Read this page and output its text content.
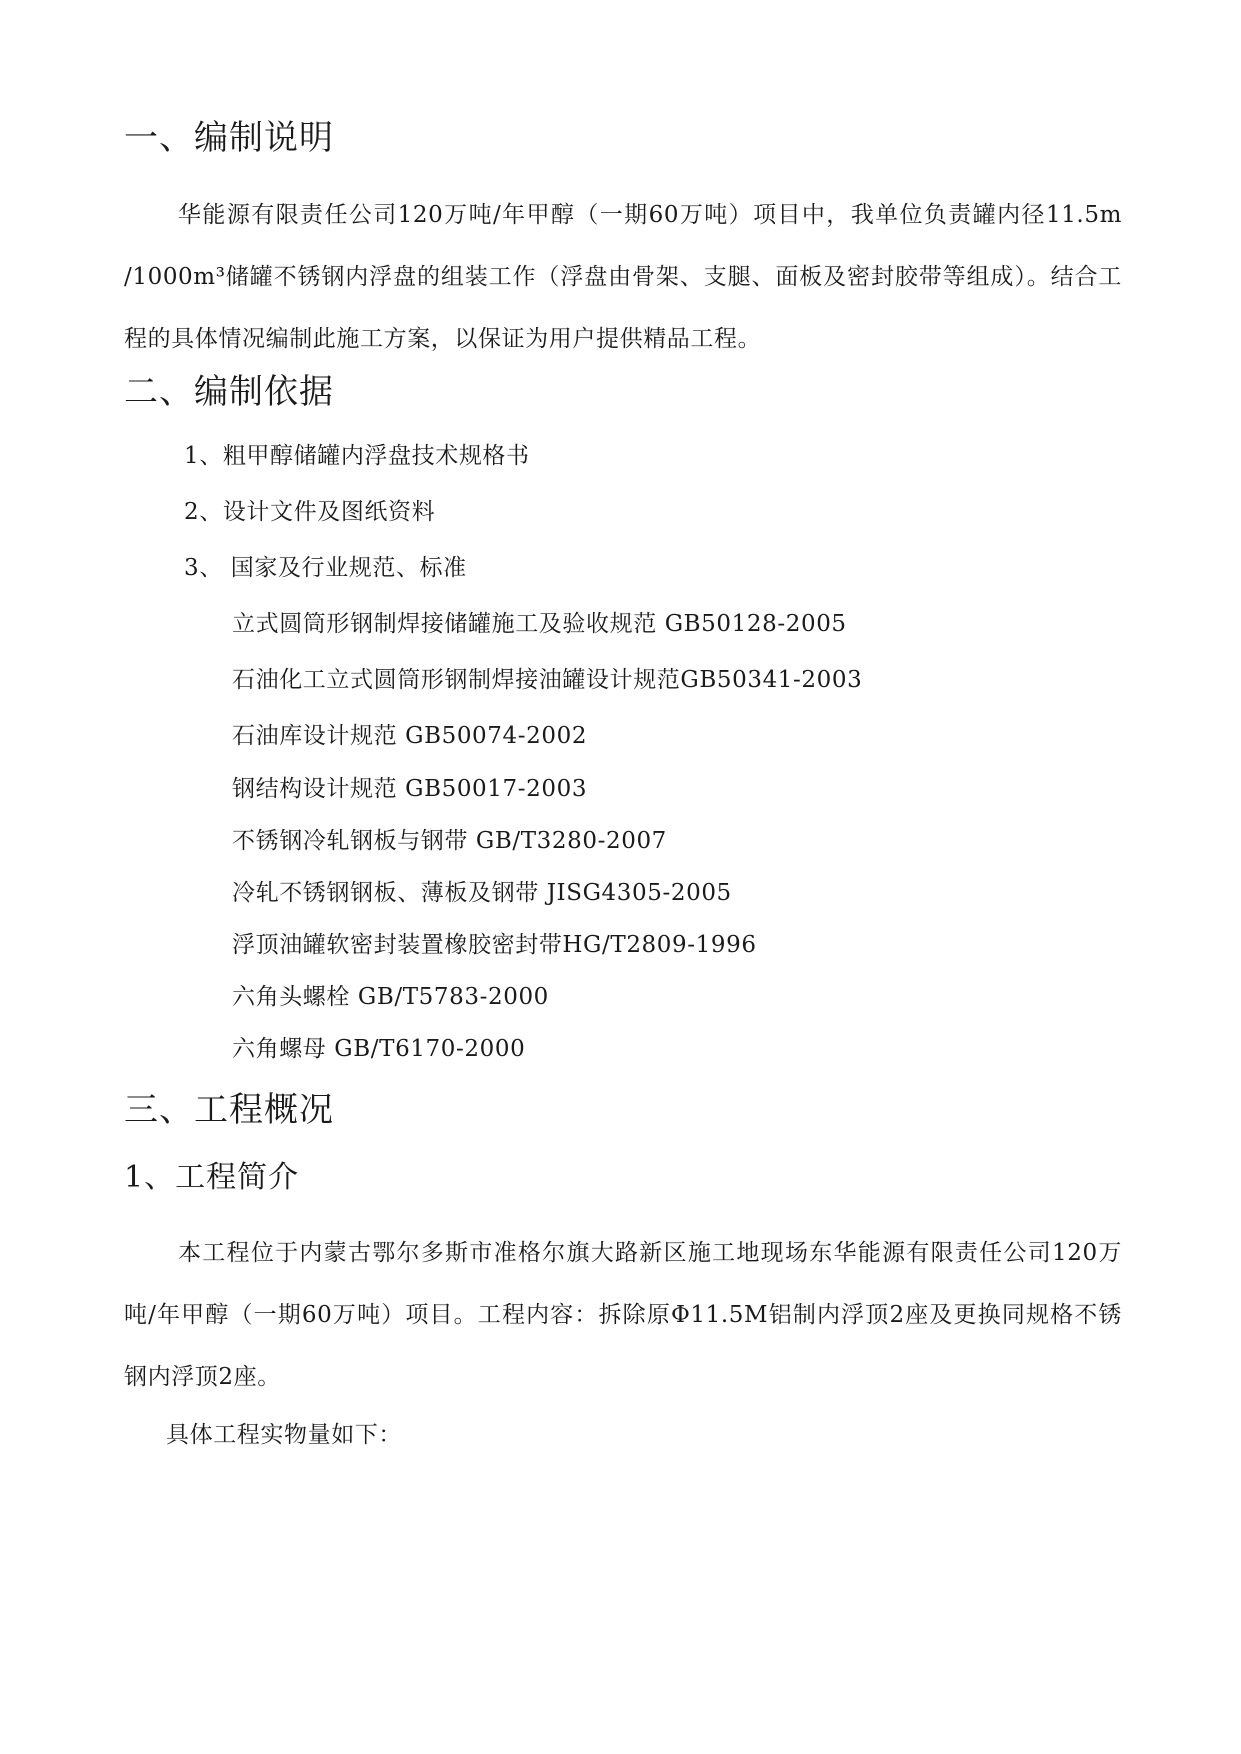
一、编制说明
华能源有限责任公司120万吨/年甲醇（一期60万吨）项目中，我单位负责罐内径11.5m /1000m³储罐不锈钢内浮盘的组装工作（浮盘由骨架、支腿、面板及密封胶带等组成）。结合工程的具体情况编制此施工方案，以保证为用户提供精品工程。
二、编制依据
1、粗甲醇储罐内浮盘技术规格书
2、设计文件及图纸资料
3、 国家及行业规范、标准
立式圆筒形钢制焊接储罐施工及验收规范 GB50128-2005
石油化工立式圆筒形钢制焊接油罐设计规范GB50341-2003
石油库设计规范 GB50074-2002
钢结构设计规范 GB50017-2003
不锈钢冷轧钢板与钢带 GB/T3280-2007
冷轧不锈钢钢板、薄板及钢带 JISG4305-2005
浮顶油罐软密封装置橡胶密封带HG/T2809-1996
六角头螺栓 GB/T5783-2000
六角螺母 GB/T6170-2000
三、工程概况
1、工程简介
本工程位于内蒙古鄂尔多斯市准格尔旗大路新区施工地现场东华能源有限责任公司120万吨/年甲醇（一期60万吨）项目。工程内容：拆除原Φ11.5M铝制内浮顶2座及更换同规格不锈钢内浮顶2座。
具体工程实物量如下：
